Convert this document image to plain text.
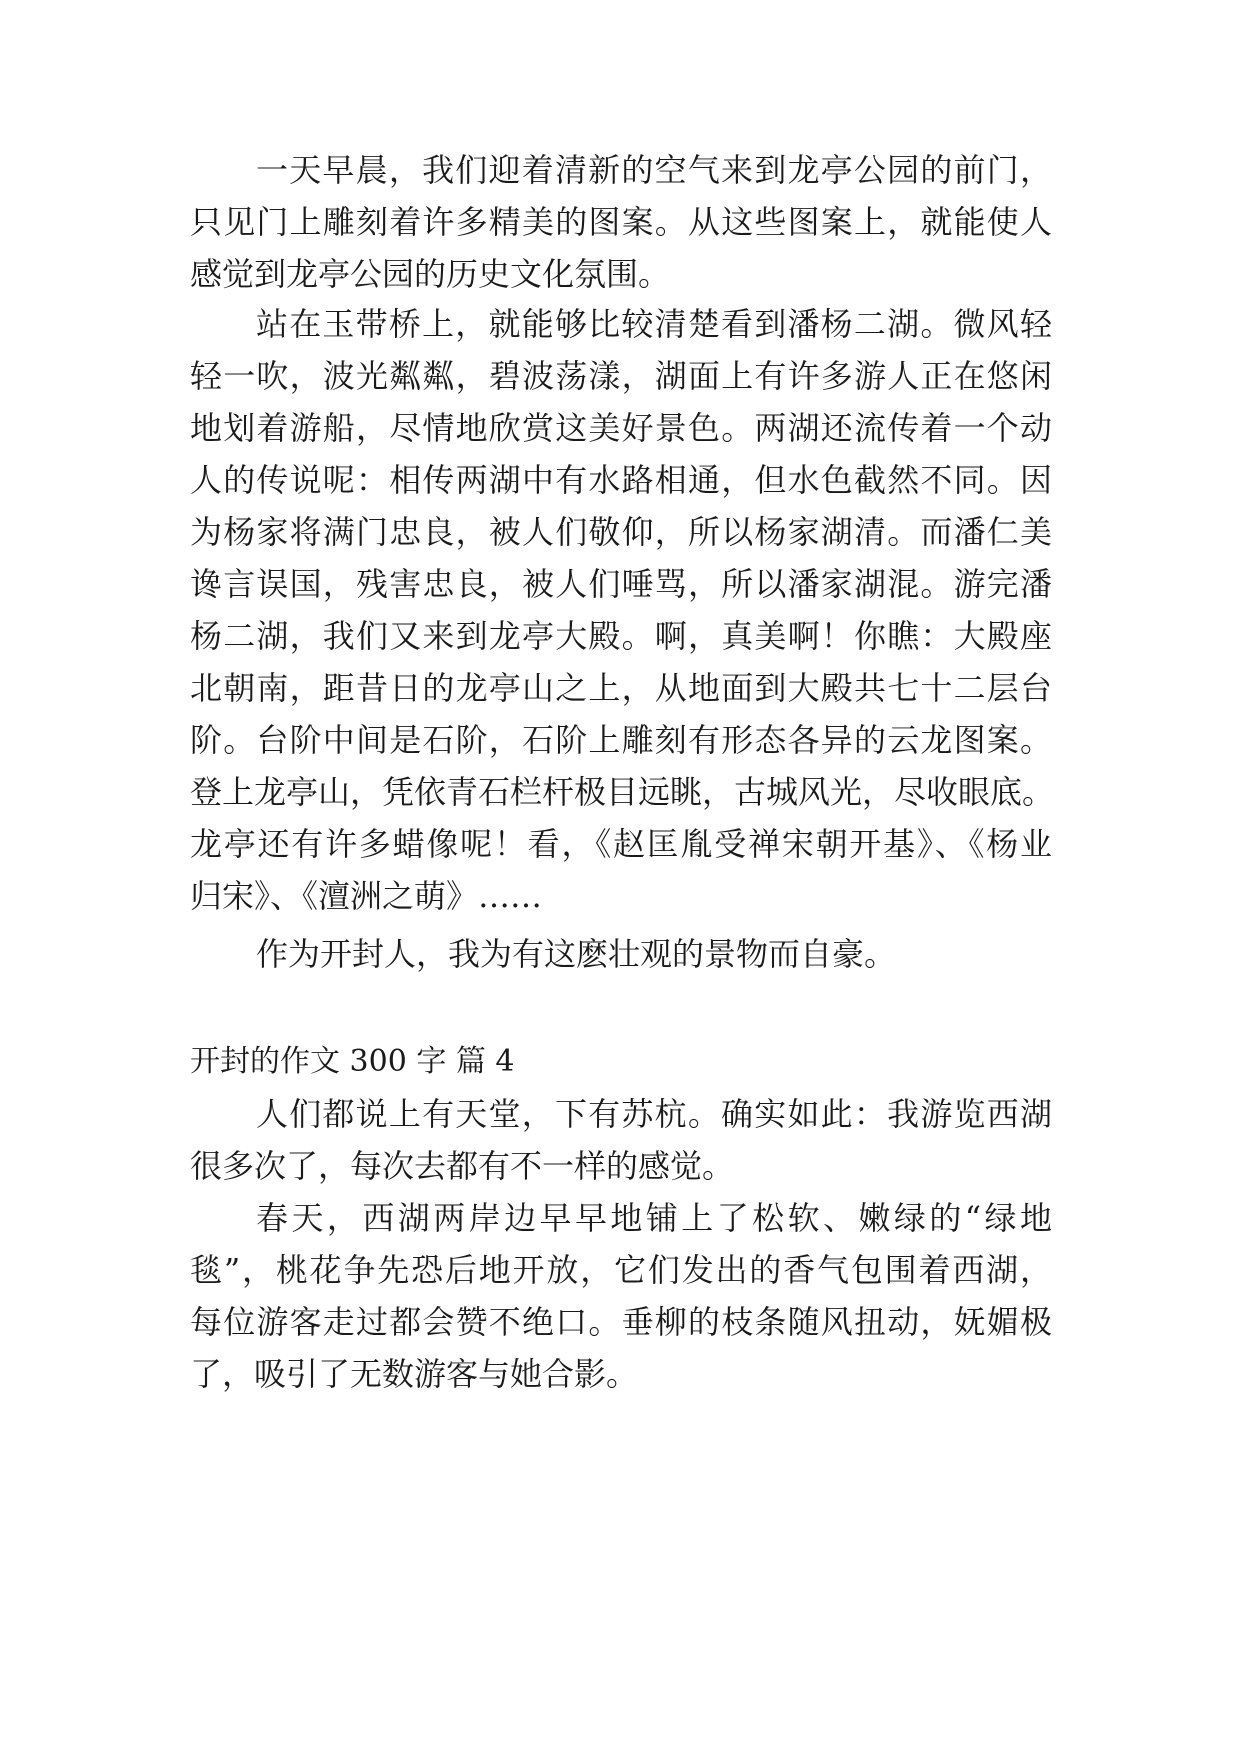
一天早晨，我们迎着清新的空气来到龙亭公园的前门，
只见门上雕刻着许多精美的图案。从这些图案上，就能使人
感觉到龙亭公园的历史文化氛围。
站在玉带桥上，就能够比较清楚看到潘杨二湖。微风轻
轻一吹，波光粼粼，碧波荡漾，湖面上有许多游人正在悠闲
地划着游船，尽情地欣赏这美好景色。两湖还流传着一个动
人的传说呢：相传两湖中有水路相通，但水色截然不同。因
为杨家将满门忠良，被人们敬仰，所以杨家湖清。而潘仁美
谗言误国，残害忠良，被人们唾骂，所以潘家湖混。游完潘
杨二湖，我们又来到龙亭大殿。啊，真美啊！你瞧：大殿座
北朝南，距昔日的龙亭山之上，从地面到大殿共七十二层台
阶。台阶中间是石阶，石阶上雕刻有形态各异的云龙图案。
登上龙亭山，凭依青石栏杆极目远眺，古城风光，尽收眼底。
龙亭还有许多蜡像呢！看，《赵匡胤受禅宋朝开基》、《杨业
归宋》、《澶洲之萌》……
作为开封人，我为有这麽壮观的景物而自豪。
开封的作文 300 字 篇 4
人们都说上有天堂，下有苏杭。确实如此：我游览西湖
很多次了，每次去都有不一样的感觉。
春天，西湖两岸边早早地铺上了松软、嫩绿的“绿地
毯”，桃花争先恐后地开放，它们发出的香气包围着西湖，
每位游客走过都会赞不绝口。垂柳的枝条随风扭动，妩媚极
了，吸引了无数游客与她合影。
